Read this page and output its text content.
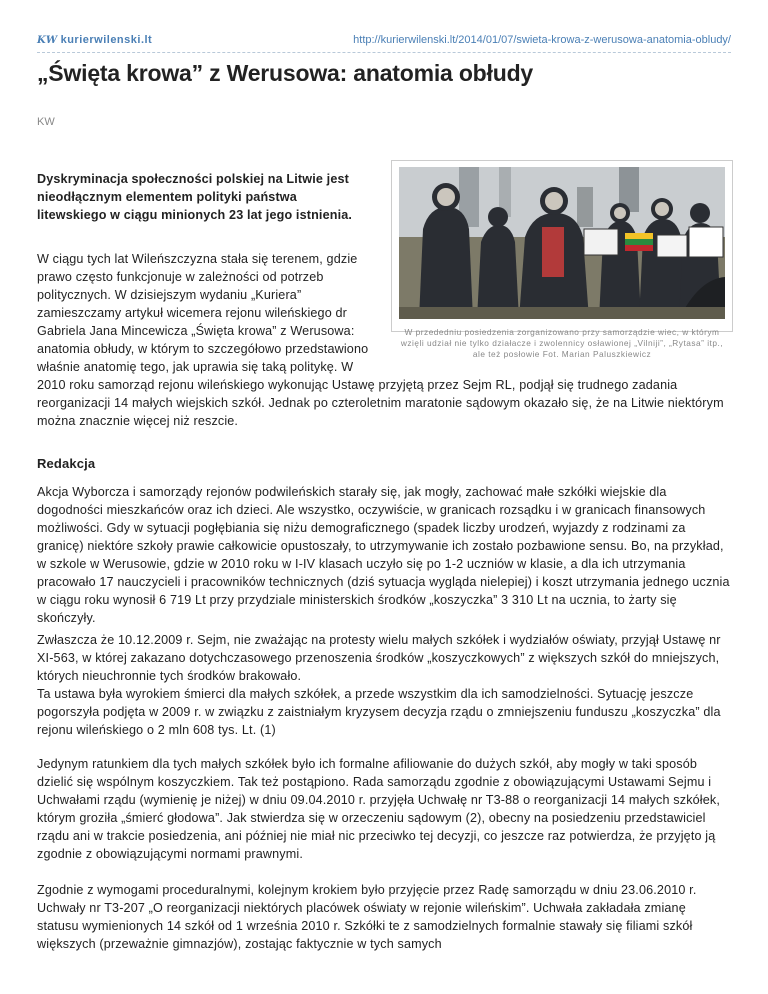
KW kurierwilenski.lt	http://kurierwilenski.lt/2014/01/07/swieta-krowa-z-werusowa-anatomia-obludy/
„Święta krowa” z Werusowa: anatomia obłudy
KW
Dyskryminacja społeczności polskiej na Litwie jest nieodłącznym elementem polityki państwa litewskiego w ciągu minionych 23 lat jego istnienia.
W przededniu posiedzenia zorganizowano przy samorządzie wiec, w którym wzięli udział nie tylko działacze i zwolennicy osławionej „Vilniji”, „Rytasa” itp., ale też posłowie Fot. Marian Paluszkiewicz
W ciągu tych lat Wileńszczyzna stała się terenem, gdzie prawo często funkcjonuje w zależności od potrzeb politycznych. W dzisiejszym wydaniu „Kuriera” zamieszczamy artykuł wicemera rejonu wileńskiego dr Gabriela Jana Mincewicza „Święta krowa” z Werusowa: anatomia obłudy, w którym to szczegółowo przedstawiono właśnie anatomię tego, jak uprawia się taką politykę. W 2010 roku samorząd rejonu wileńskiego wykonując Ustawę przyjętą przez Sejm RL, podjął się trudnego zadania reorganizacji 14 małych wiejskich szkół. Jednak po czteroletnim maratonie sądowym okazało się, że na Litwie niektórym można znacznie więcej niż reszcie.
Redakcja
Akcja Wyborcza i samorządy rejonów podwileńskich starały się, jak mogły, zachować małe szkółki wiejskie dla dogodności mieszkańców oraz ich dzieci. Ale wszystko, oczywiście, w granicach rozsądku i w granicach finansowych możliwości. Gdy w sytuacji pogłębiania się niżu demograficznego (spadek liczby urodzeń, wyjazdy z rodzinami za granicę) niektóre szkoły prawie całkowicie opustoszały, to utrzymywanie ich zostało pozbawione sensu. Bo, na przykład, w szkole w Werusowie, gdzie w 2010 roku w I-IV klasach uczyło się po 1-2 uczniów w klasie, a dla ich utrzymania pracowało 17 nauczycieli i pracowników technicznych (dziś sytuacja wygląda nielepiej) i koszt utrzymania jednego ucznia w ciągu roku wynosił 6 719 Lt przy przydziale ministerskich środków „koszyczka” 3 310 Lt na ucznia, to żarty się skończyły.
Zwłaszcza że 10.12.2009 r. Sejm, nie zważając na protesty wielu małych szkółek i wydziałów oświaty, przyjął Ustawę nr XI-563, w której zakazano dotychczasowego przenoszenia środków „koszyczkowych” z większych szkół do mniejszych, których nieuchronnie tych środków brakowało.
Ta ustawa była wyrokiem śmierci dla małych szkółek, a przede wszystkim dla ich samodzielności. Sytuację jeszcze pogorszyła podjęta w 2009 r. w związku z zaistniałym kryzysem decyzja rządu o zmniejszeniu funduszu „koszyczka” dla rejonu wileńskiego o 2 mln 608 tys. Lt. (1)
Jedynym ratunkiem dla tych małych szkółek było ich formalne afiliowanie do dużych szkół, aby mogły w taki sposób dzielić się wspólnym koszyczkiem. Tak też postąpiono. Rada samorządu zgodnie z obowiązującymi Ustawami Sejmu i Uchwałami rządu (wymienię je niżej) w dniu 09.04.2010 r. przyjęła Uchwałę nr T3-88 o reorganizacji 14 małych szkółek, którym groziła „śmierć głodowa”. Jak stwierdza się w orzeczeniu sądowym (2), obecny na posiedzeniu przedstawiciel rządu ani w trakcie posiedzenia, ani później nie miał nic przeciwko tej decyzji, co jeszcze raz potwierdza, że przyjęto ją zgodnie z obowiązującymi normami prawnymi.
Zgodnie z wymogami proceduralnymi, kolejnym krokiem było przyjęcie przez Radę samorządu w dniu 23.06.2010 r. Uchwały nr T3-207 „O reorganizacji niektórych placówek oświaty w rejonie wileńskim”. Uchwała zakładała zmianę statusu wymienionych 14 szkół od 1 września 2010 r. Szkółki te z samodzielnych formalnie stawały się filiami szkół większych (przeważnie gimnazjów), zostając faktycznie w tych samych
